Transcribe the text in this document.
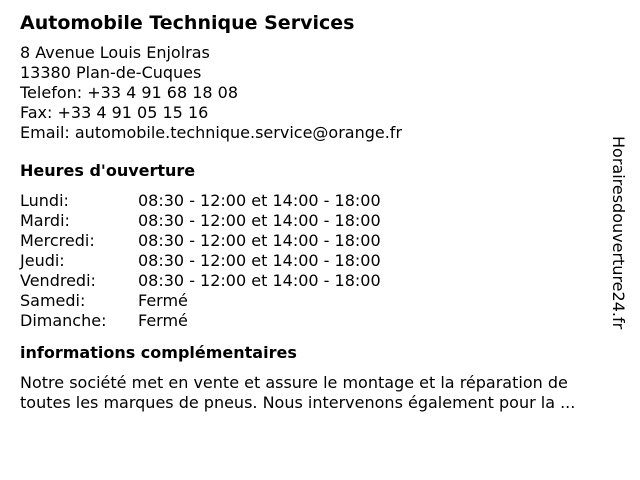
Automobile Technique Services
8 Avenue Louis Enjolras
13380 Plan-de-Cuques
Telefon: +33 4 91 68 18 08
Fax: +33 4 91 05 15 16
Email: automobile.technique.service@orange.fr
Heures d'ouverture
Lundi:	08:30 - 12:00 et 14:00 - 18:00
Mardi:	08:30 - 12:00 et 14:00 - 18:00
Mercredi:	08:30 - 12:00 et 14:00 - 18:00
Jeudi:	08:30 - 12:00 et 14:00 - 18:00
Vendredi:	08:30 - 12:00 et 14:00 - 18:00
Samedi:	Fermé
Dimanche:	Fermé
informations complémentaires
Notre société met en vente et assure le montage et la réparation de
toutes les marques de pneus. Nous intervenons également pour la ...
Horairesdouverture24.fr
